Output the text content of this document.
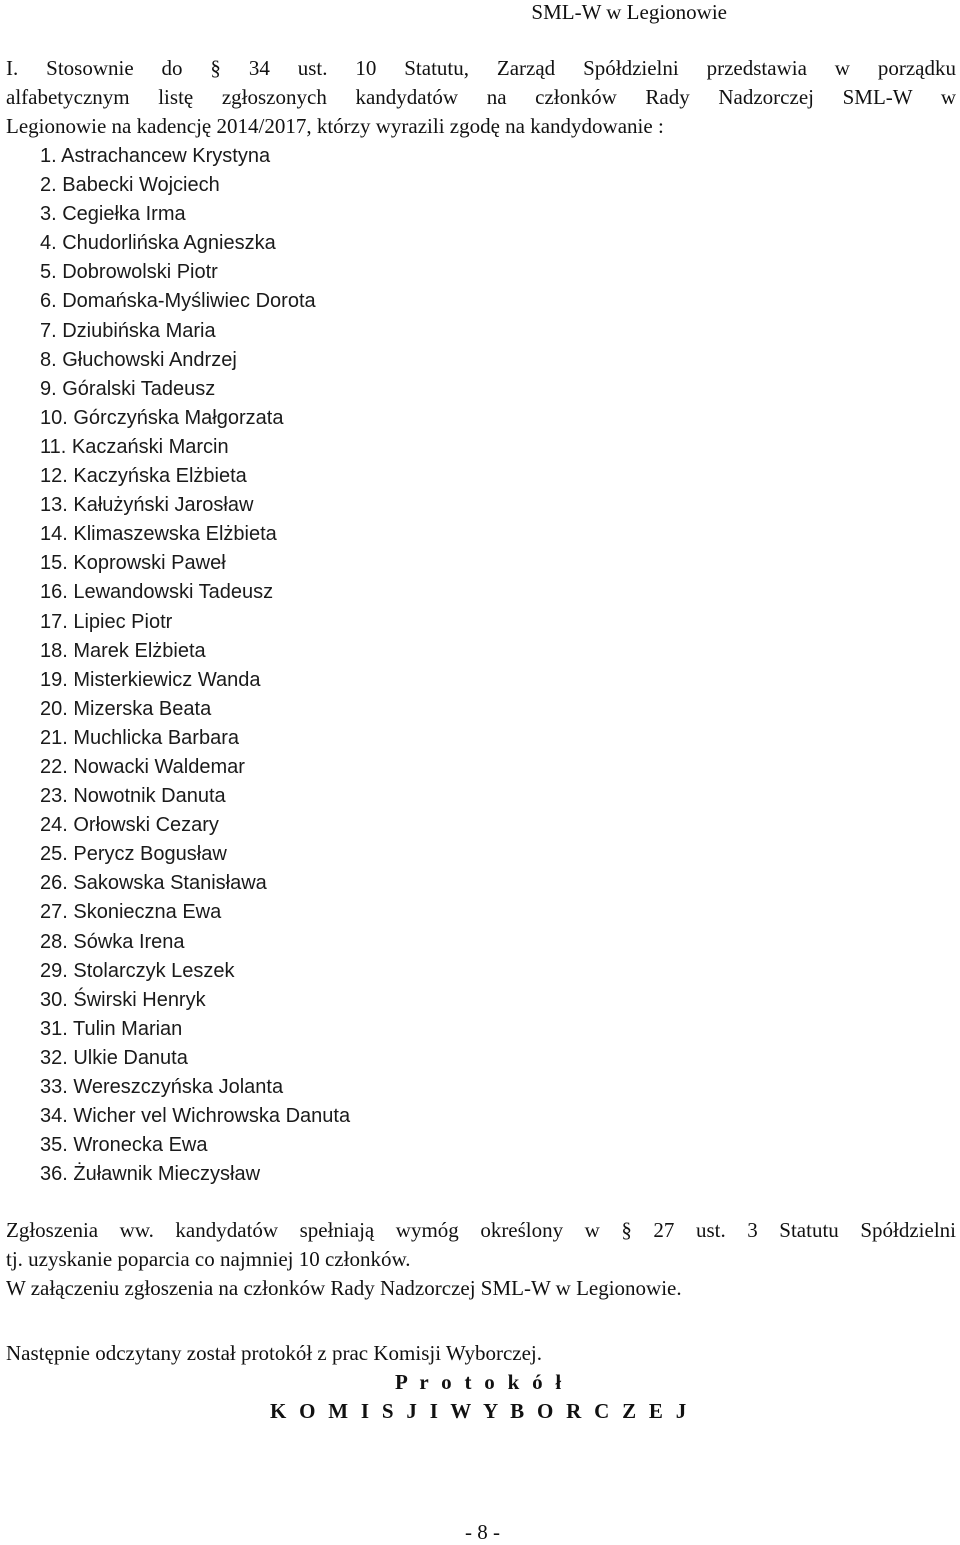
SML-W w Legionowie
I. Stosownie do § 34 ust. 10 Statutu, Zarząd Spółdzielni przedstawia w porządku
alfabetycznym listę zgłoszonych kandydatów na członków Rady Nadzorczej SML-W w
Legionowie na kadencję 2014/2017, którzy wyrazili zgodę na kandydowanie :
1. Astrachancew Krystyna
2. Babecki Wojciech
3. Cegiełka Irma
4. Chudorlińska Agnieszka
5. Dobrowolski Piotr
6. Domańska-Myśliwiec Dorota
7. Dziubińska Maria
8. Głuchowski Andrzej
9. Góralski Tadeusz
10. Górczyńska Małgorzata
11. Kaczański Marcin
12. Kaczyńska Elżbieta
13. Kałużyński Jarosław
14. Klimaszewska Elżbieta
15. Koprowski Paweł
16. Lewandowski Tadeusz
17. Lipiec Piotr
18. Marek Elżbieta
19. Misterkiewicz Wanda
20. Mizerska Beata
21. Muchlicka Barbara
22. Nowacki Waldemar
23. Nowotnik Danuta
24. Orłowski Cezary
25. Perycz Bogusław
26. Sakowska Stanisława
27. Skonieczna Ewa
28. Sówka Irena
29. Stolarczyk Leszek
30. Świrski Henryk
31. Tulin Marian
32. Ulkie Danuta
33. Wereszczyńska Jolanta
34. Wicher vel Wichrowska Danuta
35. Wronecka Ewa
36. Żuławnik Mieczysław
Zgłoszenia ww. kandydatów spełniają wymóg określony w § 27 ust. 3 Statutu Spółdzielni
tj. uzyskanie poparcia co najmniej 10 członków.
W załączeniu zgłoszenia na członków Rady Nadzorczej SML-W w Legionowie.
Następnie odczytany został protokół z prac Komisji Wyborczej.
P r o t o k ó ł
K O M I S J I W Y B O R C Z E J
- 8 -
